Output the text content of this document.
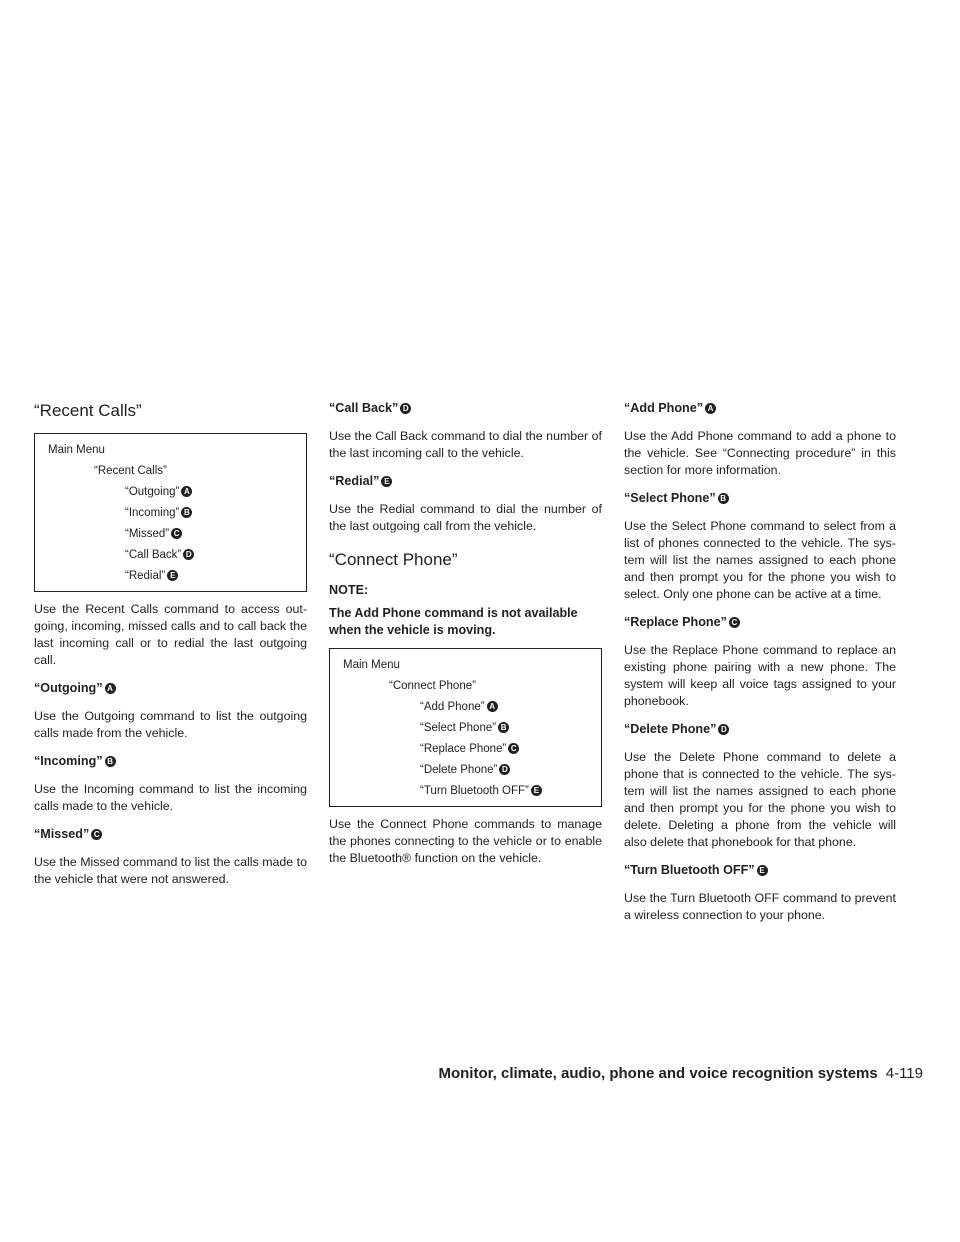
“Recent Calls”
Main Menu
“Recent Calls”
“Outgoing” A
“Incoming” B
“Missed” C
“Call Back” D
“Redial” E

Use the Recent Calls command to access out-going, incoming, missed calls and to call back the last incoming call or to redial the last outgoing call.

“Outgoing” A

Use the Outgoing command to list the outgoing calls made from the vehicle.

“Incoming” B

Use the Incoming command to list the incoming calls made to the vehicle.

“Missed” C

Use the Missed command to list the calls made to the vehicle that were not answered.

“Call Back” D

Use the Call Back command to dial the number of the last incoming call to the vehicle.

“Redial” E

Use the Redial command to dial the number of the last outgoing call from the vehicle.

“Connect Phone”
NOTE:
The Add Phone command is not available when the vehicle is moving.
Main Menu
“Connect Phone”
“Add Phone” A
“Select Phone” B
“Replace Phone” C
“Delete Phone” D
“Turn Bluetooth OFF” E

Use the Connect Phone commands to manage the phones connecting to the vehicle or to enable the Bluetooth® function on the vehicle.

“Add Phone” A

Use the Add Phone command to add a phone to the vehicle. See “Connecting procedure” in this section for more information.

“Select Phone” B

Use the Select Phone command to select from a list of phones connected to the vehicle. The sys-tem will list the names assigned to each phone and then prompt you for the phone you wish to select. Only one phone can be active at a time.

“Replace Phone” C

Use the Replace Phone command to replace an existing phone pairing with a new phone. The system will keep all voice tags assigned to your phonebook.

“Delete Phone” D

Use the Delete Phone command to delete a phone that is connected to the vehicle. The sys-tem will list the names assigned to each phone and then prompt you for the phone you wish to delete. Deleting a phone from the vehicle will also delete that phonebook for that phone.

“Turn Bluetooth OFF” E

Use the Turn Bluetooth OFF command to prevent a wireless connection to your phone.

Monitor, climate, audio, phone and voice recognition systems 4-119
